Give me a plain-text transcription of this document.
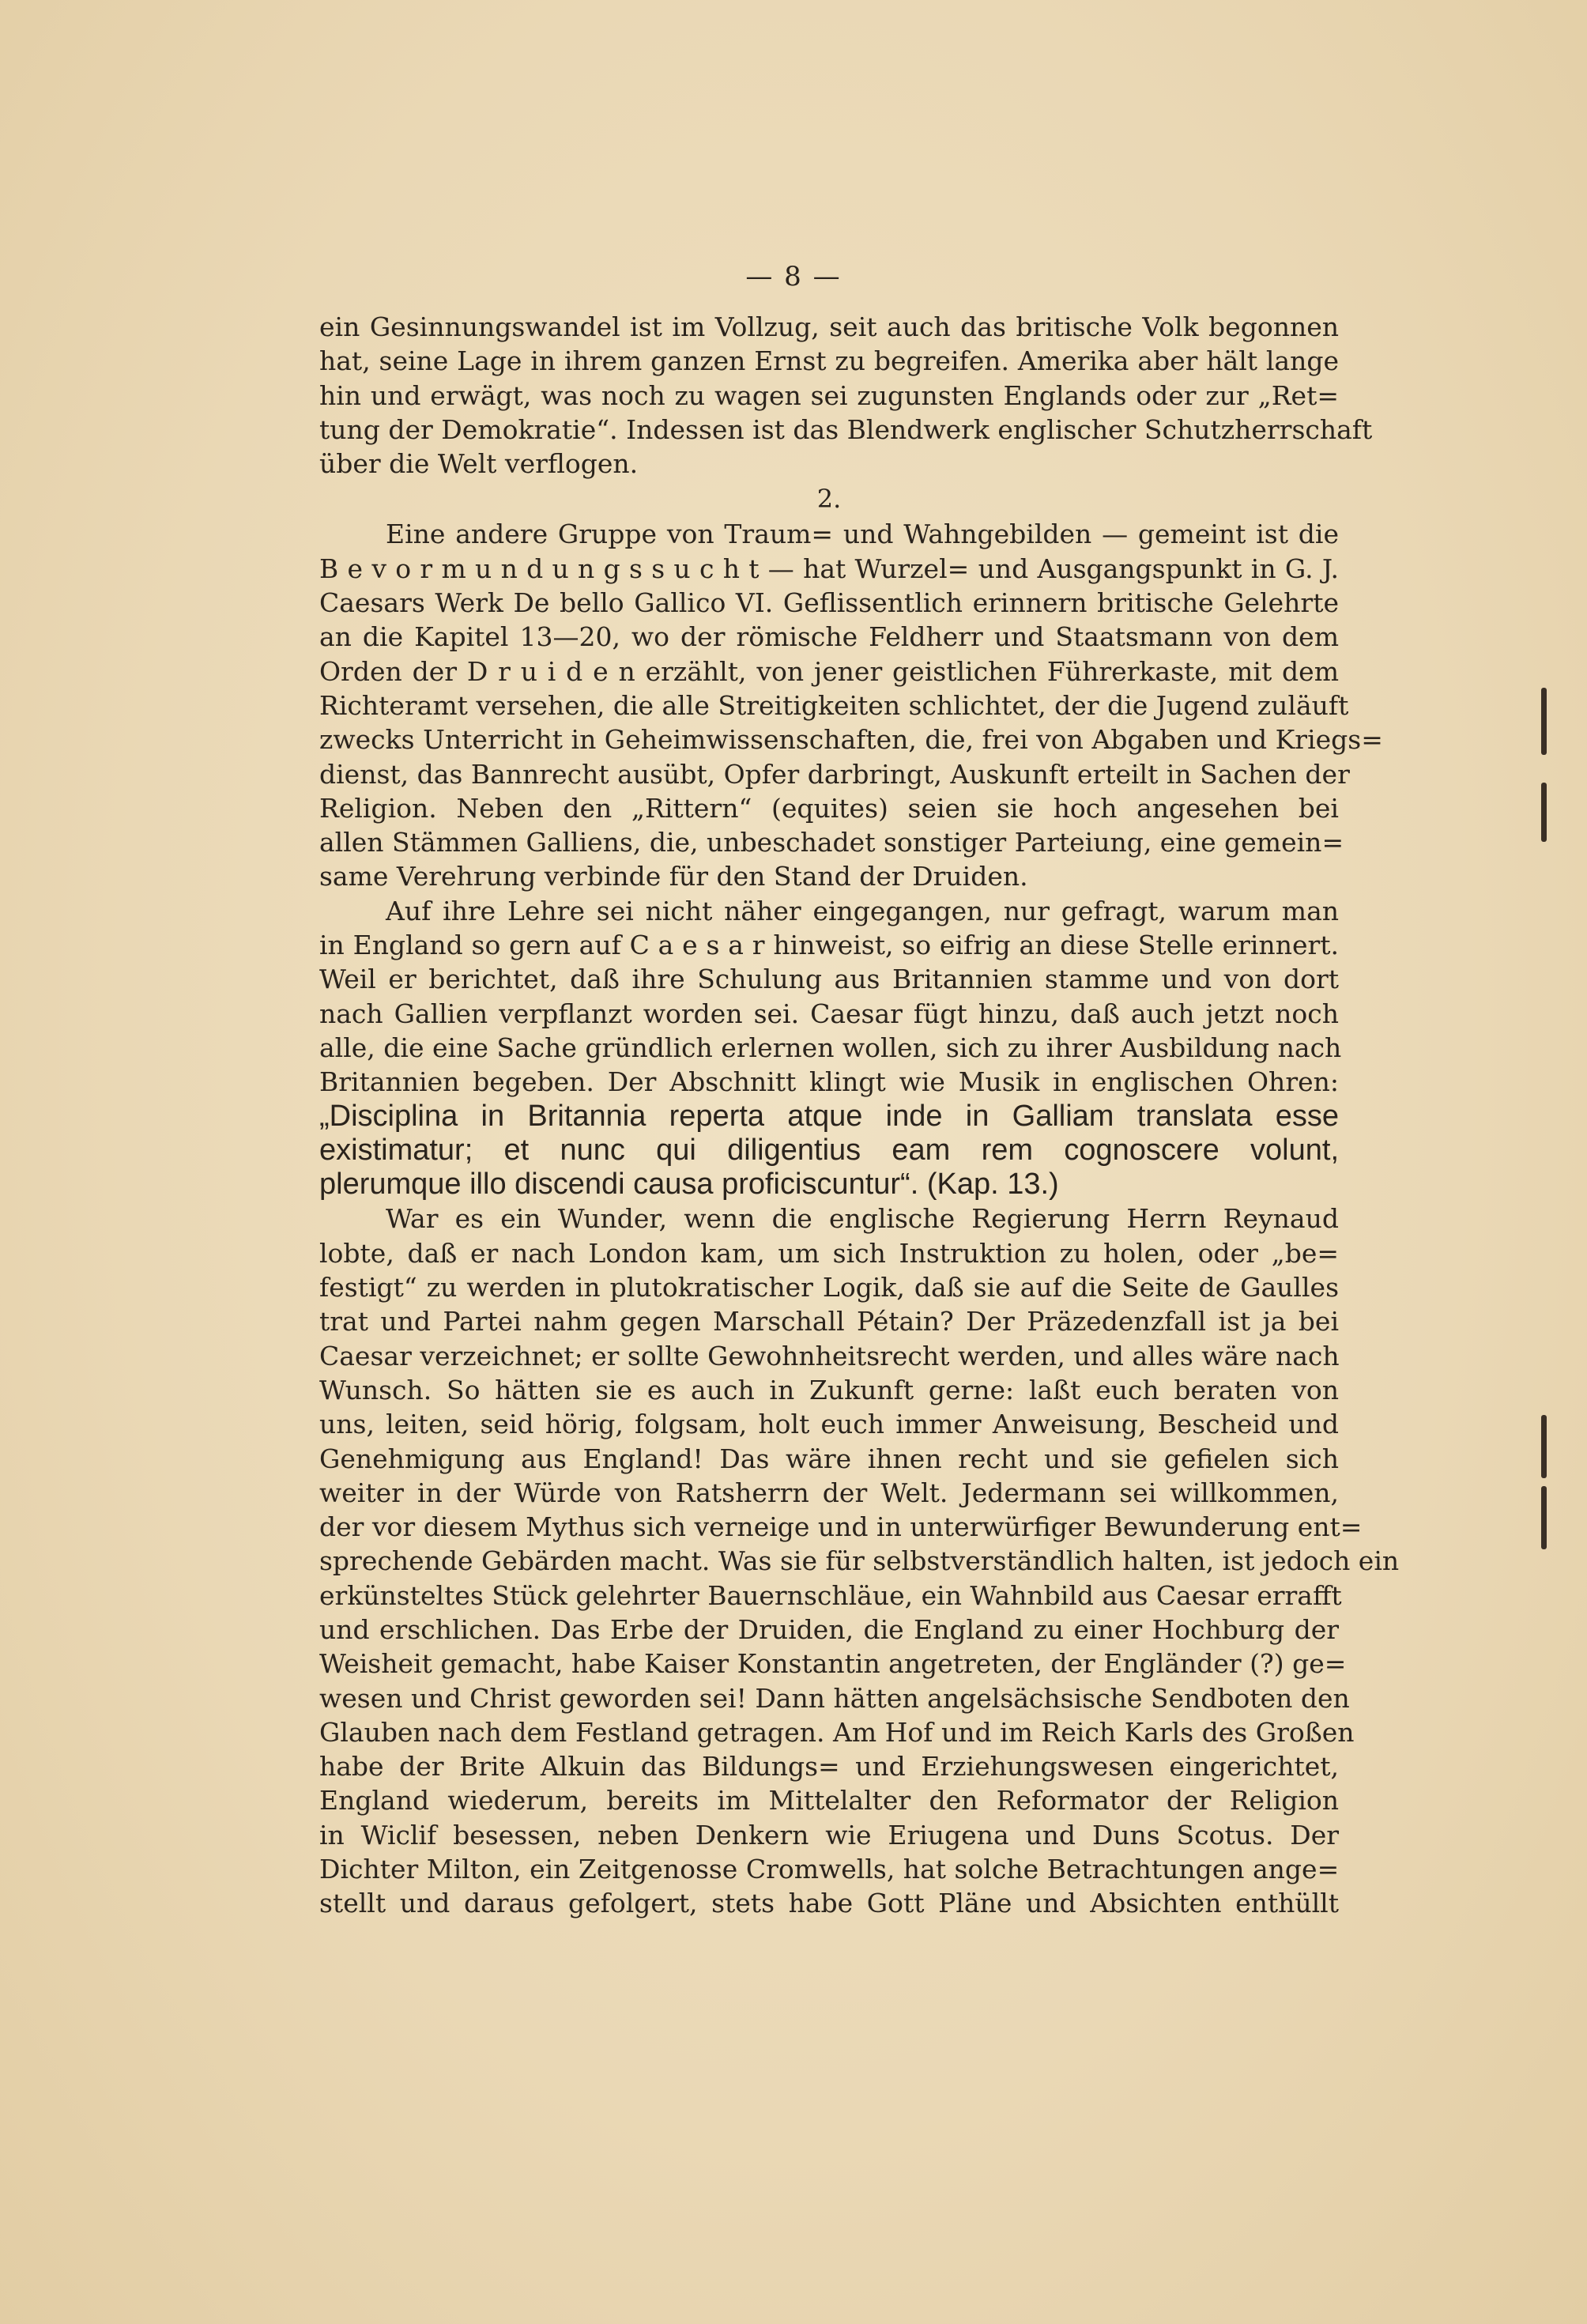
— 8 —
ein Gesinnungswandel ist im Vollzug, seit auch das britische Volk begonnen
hat, seine Lage in ihrem ganzen Ernst zu begreifen. Amerika aber hält lange
hin und erwägt, was noch zu wagen sei zugunsten Englands oder zur „Ret=
tung der Demokratie“. Indessen ist das Blendwerk englischer Schutzherrschaft
über die Welt verflogen.
2.
Eine andere Gruppe von Traum= und Wahngebilden — gemeint ist die
B e v o r m u n d u n g s s u c h t — hat Wurzel= und Ausgangspunkt in G. J.
Caesars Werk De bello Gallico VI. Geflissentlich erinnern britische Gelehrte
an die Kapitel 13—20, wo der römische Feldherr und Staatsmann von dem
Orden der D r u i d e n erzählt, von jener geistlichen Führerkaste, mit dem
Richteramt versehen, die alle Streitigkeiten schlichtet, der die Jugend zuläuft
zwecks Unterricht in Geheimwissenschaften, die, frei von Abgaben und Kriegs=
dienst, das Bannrecht ausübt, Opfer darbringt, Auskunft erteilt in Sachen der
Religion. Neben den „Rittern“ (equites) seien sie hoch angesehen bei
allen Stämmen Galliens, die, unbeschadet sonstiger Parteiung, eine gemein=
same Verehrung verbinde für den Stand der Druiden.
Auf ihre Lehre sei nicht näher eingegangen, nur gefragt, warum man
in England so gern auf C a e s a r hinweist, so eifrig an diese Stelle erinnert.
Weil er berichtet, daß ihre Schulung aus Britannien stamme und von dort
nach Gallien verpflanzt worden sei. Caesar fügt hinzu, daß auch jetzt noch
alle, die eine Sache gründlich erlernen wollen, sich zu ihrer Ausbildung nach
Britannien begeben. Der Abschnitt klingt wie Musik in englischen Ohren:
„Disciplina in Britannia reperta atque inde in Galliam translata esse
existimatur; et nunc qui diligentius eam rem cognoscere volunt,
plerumque illo discendi causa proficiscuntur“. (Kap. 13.)
War es ein Wunder, wenn die englische Regierung Herrn Reynaud
lobte, daß er nach London kam, um sich Instruktion zu holen, oder „be=
festigt“ zu werden in plutokratischer Logik, daß sie auf die Seite de Gaulles
trat und Partei nahm gegen Marschall Pétain? Der Präzedenzfall ist ja bei
Caesar verzeichnet; er sollte Gewohnheitsrecht werden, und alles wäre nach
Wunsch. So hätten sie es auch in Zukunft gerne: laßt euch beraten von
uns, leiten, seid hörig, folgsam, holt euch immer Anweisung, Bescheid und
Genehmigung aus England! Das wäre ihnen recht und sie gefielen sich
weiter in der Würde von Ratsherrn der Welt. Jedermann sei willkommen,
der vor diesem Mythus sich verneige und in unterwürfiger Bewunderung ent=
sprechende Gebärden macht. Was sie für selbstverständlich halten, ist jedoch ein
erkünsteltes Stück gelehrter Bauernschläue, ein Wahnbild aus Caesar errafft
und erschlichen. Das Erbe der Druiden, die England zu einer Hochburg der
Weisheit gemacht, habe Kaiser Konstantin angetreten, der Engländer (?) ge=
wesen und Christ geworden sei! Dann hätten angelsächsische Sendboten den
Glauben nach dem Festland getragen. Am Hof und im Reich Karls des Großen
habe der Brite Alkuin das Bildungs= und Erziehungswesen eingerichtet,
England wiederum, bereits im Mittelalter den Reformator der Religion
in Wiclif besessen, neben Denkern wie Eriugena und Duns Scotus. Der
Dichter Milton, ein Zeitgenosse Cromwells, hat solche Betrachtungen ange=
stellt und daraus gefolgert, stets habe Gott Pläne und Absichten enthüllt
